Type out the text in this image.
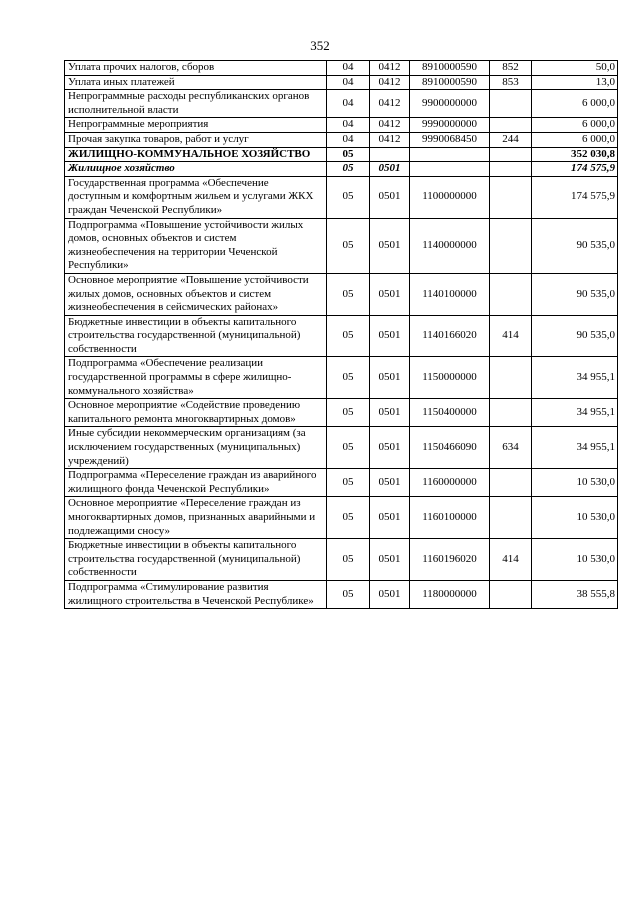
352
Уплата прочих налогов, сборов	04	0412	8910000590	852	50,0
Уплата иных платежей	04	0412	8910000590	853	13,0
Непрограммные расходы республиканских органов исполнительной власти	04	0412	9900000000		6 000,0
Непрограммные мероприятия	04	0412	9990000000		6 000,0
Прочая закупка товаров, работ и услуг	04	0412	9990068450	244	6 000,0
ЖИЛИЩНО-КОММУНАЛЬНОЕ ХОЗЯЙСТВО	05				352 030,8
Жилищное хозяйство	05	0501			174 575,9
Государственная программа «Обеспечение доступным и комфортным жильем и услугами ЖКХ граждан Чеченской Республики»	05	0501	1100000000		174 575,9
Подпрограмма «Повышение устойчивости жилых домов, основных объектов и систем жизнеобеспечения на территории Чеченской Республики»	05	0501	1140000000		90 535,0
Основное мероприятие «Повышение устойчивости жилых домов, основных объектов и систем жизнеобеспечения в сейсмических районах»	05	0501	1140100000		90 535,0
Бюджетные инвестиции в объекты капитального строительства государственной (муниципальной) собственности	05	0501	1140166020	414	90 535,0
Подпрограмма «Обеспечение реализации государственной программы в сфере жилищно-коммунального хозяйства»	05	0501	1150000000		34 955,1
Основное мероприятие «Содействие проведению капитального ремонта многоквартирных домов»	05	0501	1150400000		34 955,1
Иные субсидии некоммерческим организациям (за исключением государственных (муниципальных) учреждений)	05	0501	1150466090	634	34 955,1
Подпрограмма «Переселение граждан из аварийного жилищного фонда Чеченской Республики»	05	0501	1160000000		10 530,0
Основное мероприятие «Переселение граждан из многоквартирных домов, признанных аварийными и подлежащими сносу»	05	0501	1160100000		10 530,0
Бюджетные инвестиции в объекты капитального строительства государственной (муниципальной) собственности	05	0501	1160196020	414	10 530,0
Подпрограмма «Стимулирование развития жилищного строительства в Чеченской Республике»	05	0501	1180000000		38 555,8
